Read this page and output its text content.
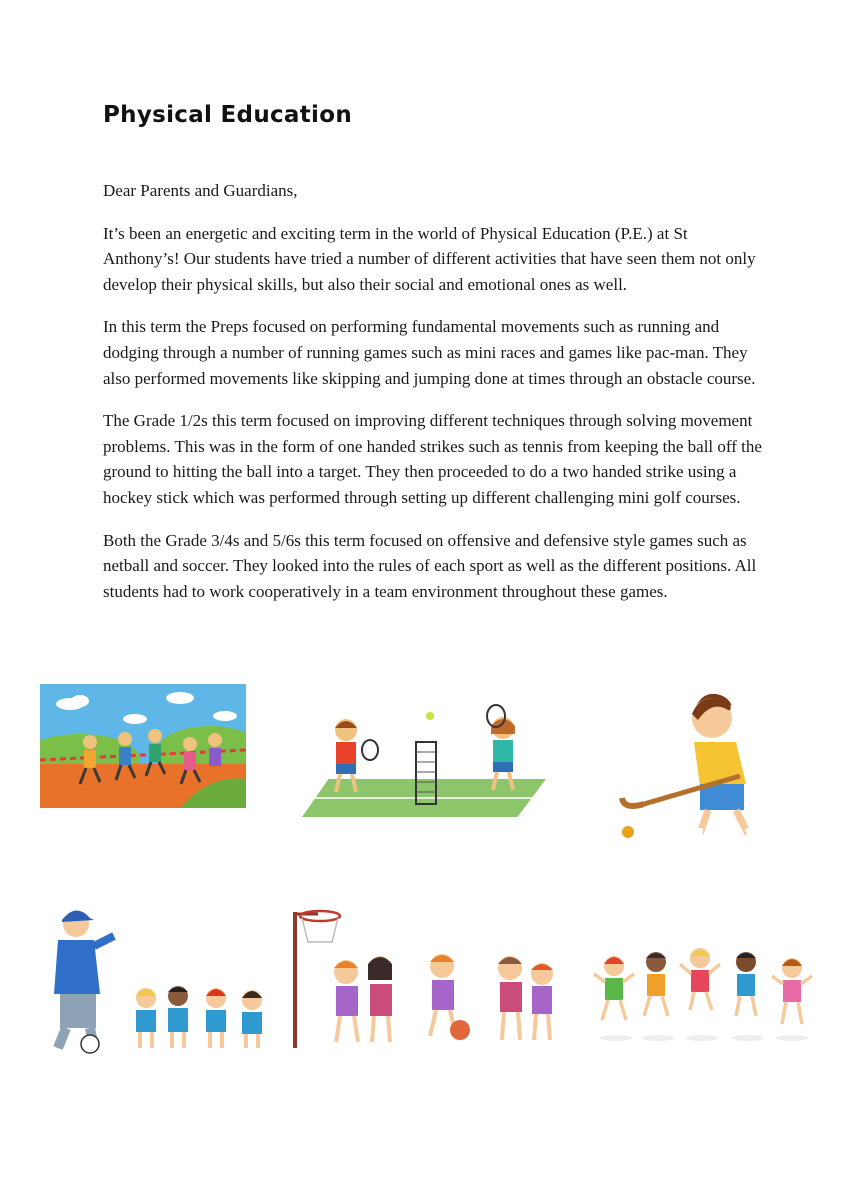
Physical Education

Dear Parents and Guardians,

It’s been an energetic and exciting term in the world of Physical Education (P.E.) at St Anthony’s! Our students have tried a number of different activities that have seen them not only develop their physical skills, but also their social and emotional ones as well.

In this term the Preps focused on performing fundamental movements such as running and dodging through a number of running games such as mini races and games like pac-man. They also performed movements like skipping and jumping done at times through an obstacle course.

The Grade 1/2s this term focused on improving different techniques through solving movement problems. This was in the form of one handed strikes such as tennis from keeping the ball off the ground to hitting the ball into a target. They then proceeded to do a two handed strike using a hockey stick which was performed through setting up different challenging mini golf courses.

Both the Grade 3/4s and 5/6s this term focused on offensive and defensive style games such as netball and soccer. They looked into the rules of each sport as well as the different positions. All students had to work cooperatively in a team environment throughout these games.
